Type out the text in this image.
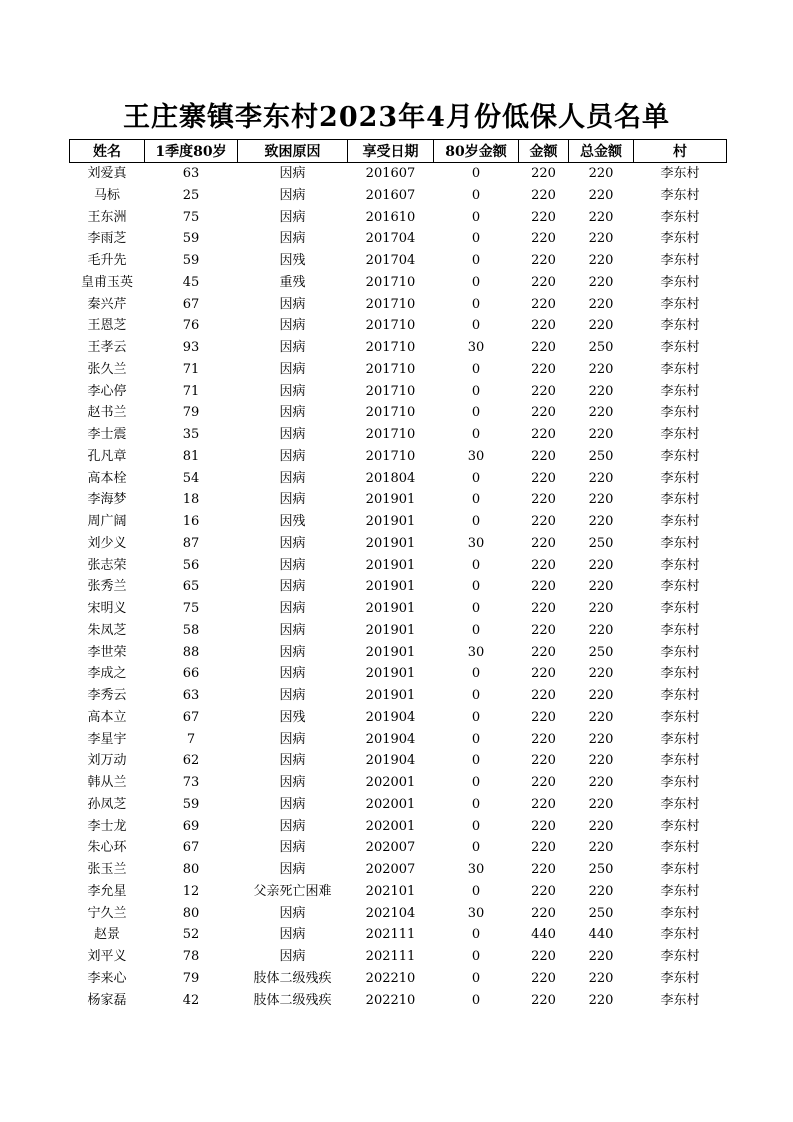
王庄寨镇李东村2023年4月份低保人员名单
姓名	1季度80岁	致困原因	享受日期	80岁金额	金额	总金额	村
刘爱真	63	因病	201607	0	220	220	李东村
马标	25	因病	201607	0	220	220	李东村
王东洲	75	因病	201610	0	220	220	李东村
李雨芝	59	因病	201704	0	220	220	李东村
毛升先	59	因残	201704	0	220	220	李东村
皇甫玉英	45	重残	201710	0	220	220	李东村
秦兴芹	67	因病	201710	0	220	220	李东村
王恩芝	76	因病	201710	0	220	220	李东村
王孝云	93	因病	201710	30	220	250	李东村
张久兰	71	因病	201710	0	220	220	李东村
李心停	71	因病	201710	0	220	220	李东村
赵书兰	79	因病	201710	0	220	220	李东村
李士震	35	因病	201710	0	220	220	李东村
孔凡章	81	因病	201710	30	220	250	李东村
高本栓	54	因病	201804	0	220	220	李东村
李海梦	18	因病	201901	0	220	220	李东村
周广阔	16	因残	201901	0	220	220	李东村
刘少义	87	因病	201901	30	220	250	李东村
张志荣	56	因病	201901	0	220	220	李东村
张秀兰	65	因病	201901	0	220	220	李东村
宋明义	75	因病	201901	0	220	220	李东村
朱凤芝	58	因病	201901	0	220	220	李东村
李世荣	88	因病	201901	30	220	250	李东村
李成之	66	因病	201901	0	220	220	李东村
李秀云	63	因病	201901	0	220	220	李东村
高本立	67	因残	201904	0	220	220	李东村
李星宇	7	因病	201904	0	220	220	李东村
刘万动	62	因病	201904	0	220	220	李东村
韩从兰	73	因病	202001	0	220	220	李东村
孙凤芝	59	因病	202001	0	220	220	李东村
李士龙	69	因病	202001	0	220	220	李东村
朱心环	67	因病	202007	0	220	220	李东村
张玉兰	80	因病	202007	30	220	250	李东村
李允星	12	父亲死亡困难	202101	0	220	220	李东村
宁久兰	80	因病	202104	30	220	250	李东村
赵景	52	因病	202111	0	440	440	李东村
刘平义	78	因病	202111	0	220	220	李东村
李来心	79	肢体二级残疾	202210	0	220	220	李东村
杨家磊	42	肢体二级残疾	202210	0	220	220	李东村
